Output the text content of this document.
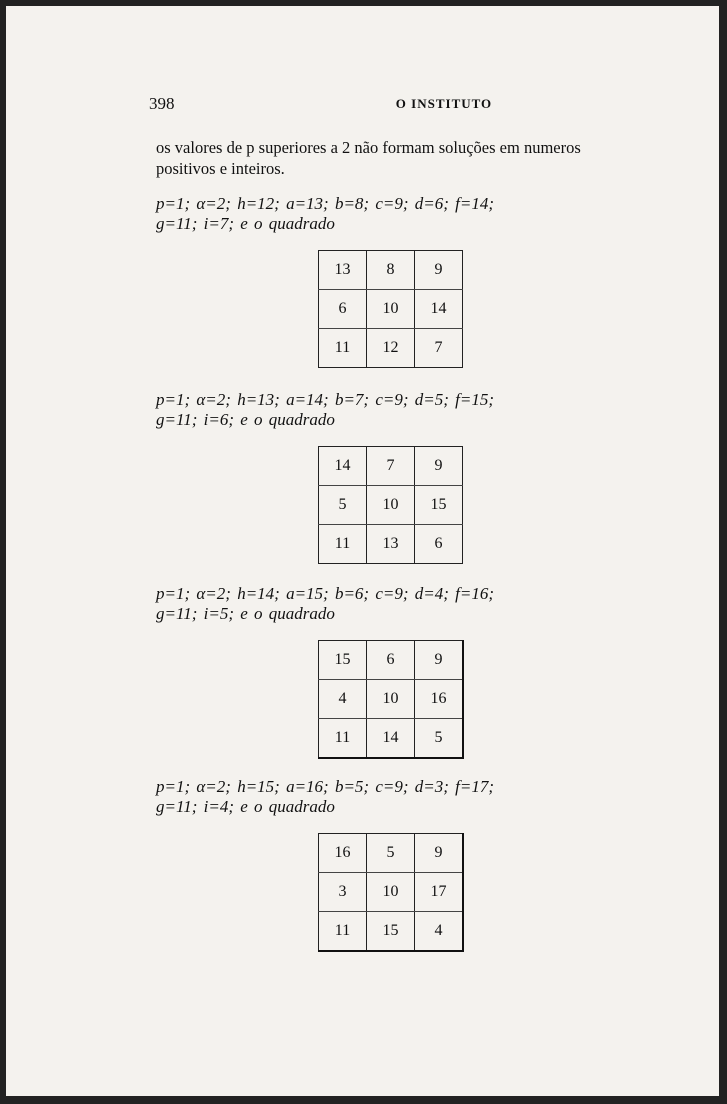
398	O INSTITUTO
os valores de p superiores a 2 não formam soluções em numeros positivos e inteiros.
p=1; α=2; h=12; a=13; b=8; c=9; d=6; f=14;
g=11; i=7; e o quadrado
13	8	9
6	10	14
11	12	7
p=1; α=2; h=13; a=14; b=7; c=9; d=5; f=15;
g=11; i=6; e o quadrado
14	7	9
5	10	15
11	13	6
p=1; α=2; h=14; a=15; b=6; c=9; d=4; f=16;
g=11; i=5; e o quadrado
15	6	9
4	10	16
11	14	5
p=1; α=2; h=15; a=16; b=5; c=9; d=3; f=17;
g=11; i=4; e o quadrado
16	5	9
3	10	17
11	15	4
